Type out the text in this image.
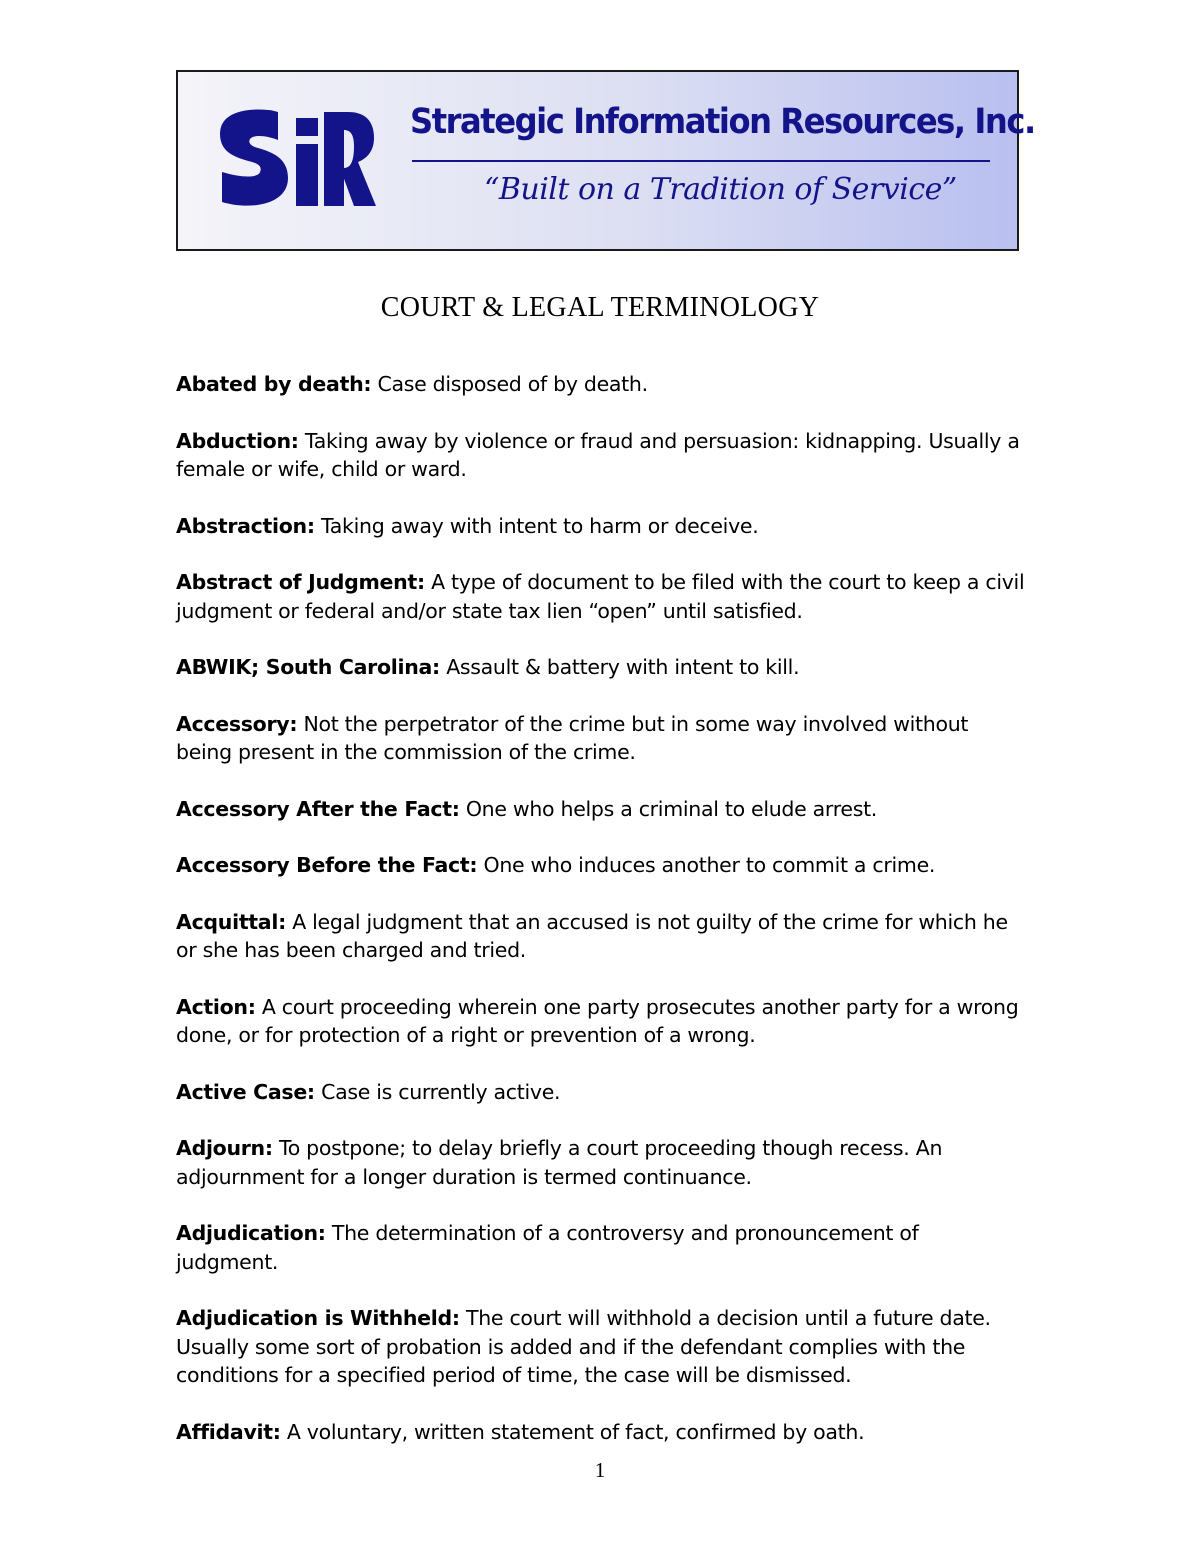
Strategic Information Resources, Inc.
“Built on a Tradition of Service”
COURT & LEGAL TERMINOLOGY

Abated by death: Case disposed of by death.

Abduction: Taking away by violence or fraud and persuasion: kidnapping. Usually a female or wife, child or ward.

Abstraction: Taking away with intent to harm or deceive.

Abstract of Judgment: A type of document to be filed with the court to keep a civil judgment or federal and/or state tax lien “open” until satisfied.

ABWIK; South Carolina: Assault & battery with intent to kill.

Accessory: Not the perpetrator of the crime but in some way involved without being present in the commission of the crime.

Accessory After the Fact: One who helps a criminal to elude arrest.

Accessory Before the Fact: One who induces another to commit a crime.

Acquittal: A legal judgment that an accused is not guilty of the crime for which he or she has been charged and tried.

Action: A court proceeding wherein one party prosecutes another party for a wrong done, or for protection of a right or prevention of a wrong.

Active Case: Case is currently active.

Adjourn: To postpone; to delay briefly a court proceeding though recess. An adjournment for a longer duration is termed continuance.

Adjudication: The determination of a controversy and pronouncement of judgment.

Adjudication is Withheld: The court will withhold a decision until a future date. Usually some sort of probation is added and if the defendant complies with the conditions for a specified period of time, the case will be dismissed.

Affidavit: A voluntary, written statement of fact, confirmed by oath.

1
